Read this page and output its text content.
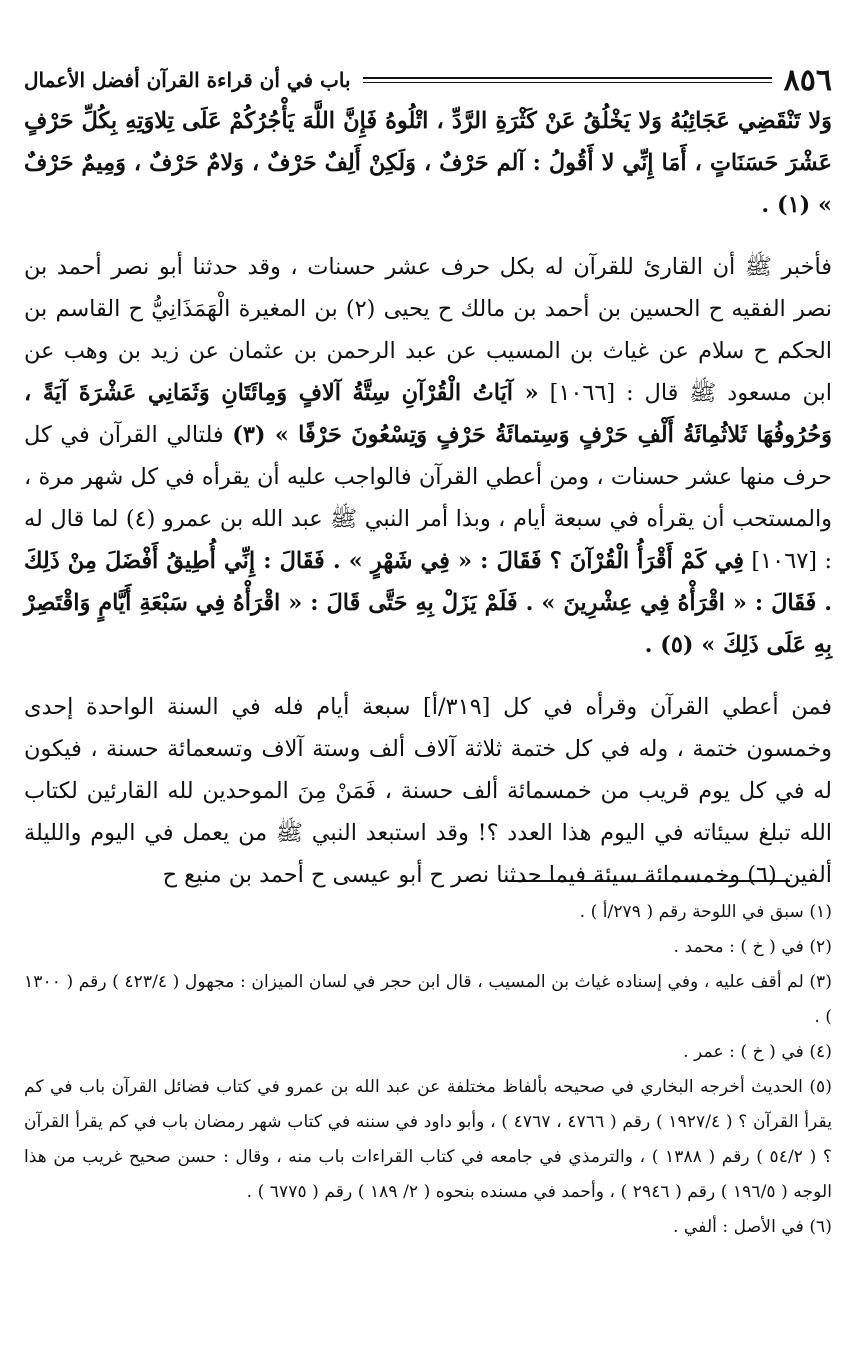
٨٥٦
باب في أن قراءة القرآن أفضل الأعمال

وَلا تَنْقَضِي عَجَائِبُهُ وَلا يَخْلُقُ عَنْ كَثْرَةِ الرَّدِّ ، اتْلُوهُ فَإِنَّ اللَّهَ يَأْجُرُكُمْ عَلَى تِلاوَتِهِ بِكُلِّ حَرْفٍ عَشْرَ حَسَنَاتٍ ، أَمَا إِنِّي لا أَقُولُ : آلم حَرْفٌ ، وَلَكِنْ أَلِفٌ حَرْفٌ ، وَلامٌ حَرْفٌ ، وَمِيمٌ حَرْفٌ » (١) .

فأخبر ﷺ أن القارئ للقرآن له بكل حرف عشر حسنات ، وقد حدثنا أبو نصر أحمد بن نصر الفقيه ح الحسين بن أحمد بن مالك ح يحيى (٢) بن المغيرة الْهَمَذَانِيُّ ح القاسم بن الحكم ح سلام عن غياث بن المسيب عن عبد الرحمن بن عثمان عن زيد بن وهب عن ابن مسعود ﷺ قال : [١٠٦٦] « آيَاتُ الْقُرْآنِ سِتَّةُ آلافٍ وَمِائَتَانِ وَثَمَانِي عَشْرَةَ آيَةً ، وَحُرُوفُهَا ثَلاثُمِائَةُ أَلْفِ حَرْفٍ وَسِتمائَةُ حَرْفٍ وَتِسْعُونَ حَرْفًا » (٣) فلتالي القرآن في كل حرف منها عشر حسنات ، ومن أعطي القرآن فالواجب عليه أن يقرأه في كل شهر مرة ، والمستحب أن يقرأه في سبعة أيام ، وبذا أمر النبي ﷺ عبد الله بن عمرو (٤) لما قال له : [١٠٦٧] فِي كَمْ أَقْرَأُ الْقُرْآنَ ؟ فَقَالَ : « فِي شَهْرٍ » . فَقَالَ : إِنِّي أُطِيقُ أَفْضَلَ مِنْ ذَلِكَ . فَقَالَ : « اقْرَأْهُ فِي عِشْرِينَ » . فَلَمْ يَزَلْ بِهِ حَتَّى قَالَ : « اقْرَأْهُ فِي سَبْعَةِ أَيَّامٍ وَاقْتَصِرْ بِهِ عَلَى ذَلِكَ » (٥) .

فمن أعطي القرآن وقرأه في كل [٣١٩/أ] سبعة أيام فله في السنة الواحدة إحدى وخمسون ختمة ، وله في كل ختمة ثلاثة آلاف ألف وستة آلاف وتسعمائة حسنة ، فيكون له في كل يوم قريب من خمسمائة ألف حسنة ، فَمَنْ مِنَ الموحدين لله القارئين لكتاب الله تبلغ سيئاته في اليوم هذا العدد ؟! وقد استبعد النبي ﷺ من يعمل في اليوم والليلة ألفين (٦) وخمسمائة سيئة فيما حدثنا نصر ح أبو عيسى ح أحمد بن منيع ح

(١) سبق في اللوحة رقم ( ٢٧٩/أ ) .

(٢) في ( خ ) : محمد .

(٣) لم أقف عليه ، وفي إسناده غياث بن المسيب ، قال ابن حجر في لسان الميزان : مجهول ( ٤٢٣/٤ ) رقم ( ١٣٠٠ ) .

(٤) في ( خ ) : عمر .

(٥) الحديث أخرجه البخاري في صحيحه بألفاظ مختلفة عن عبد الله بن عمرو في كتاب فضائل القرآن باب في كم يقرأ القرآن ؟ ( ١٩٢٧/٤ ) رقم ( ٤٧٦٦ ، ٤٧٦٧ ) ، وأبو داود في سننه في كتاب شهر رمضان باب في كم يقرأ القرآن ؟ ( ٥٤/٢ ) رقم ( ١٣٨٨ ) ، والترمذي في جامعه في كتاب القراءات باب منه ، وقال : حسن صحيح غريب من هذا الوجه ( ١٩٦/٥ ) رقم ( ٢٩٤٦ ) ، وأحمد في مسنده بنحوه ( ٢/ ١٨٩ ) رقم ( ٦٧٧٥ ) .

(٦) في الأصل : ألفي .
